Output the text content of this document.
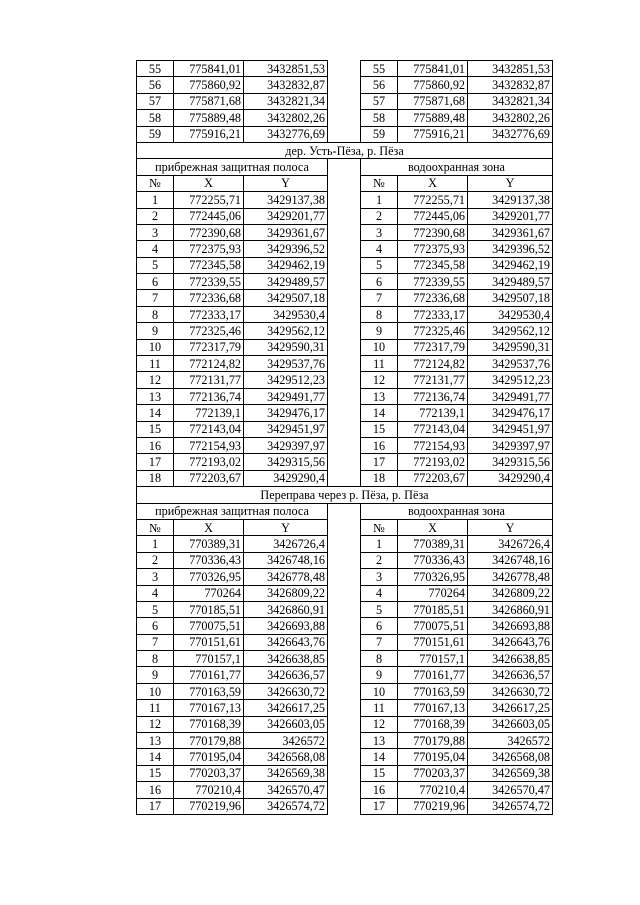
55	775841,01	3432851,53		55	775841,01	3432851,53
56	775860,92	3432832,87		56	775860,92	3432832,87
57	775871,68	3432821,34		57	775871,68	3432821,34
58	775889,48	3432802,26		58	775889,48	3432802,26
59	775916,21	3432776,69		59	775916,21	3432776,69
дер. Усть-Пёза, р. Пёза						
прибрежная защитная полоса				водоохранная зона		
№	X	Y		№	X	Y
1	772255,71	3429137,38		1	772255,71	3429137,38
2	772445,06	3429201,77		2	772445,06	3429201,77
3	772390,68	3429361,67		3	772390,68	3429361,67
4	772375,93	3429396,52		4	772375,93	3429396,52
5	772345,58	3429462,19		5	772345,58	3429462,19
6	772339,55	3429489,57		6	772339,55	3429489,57
7	772336,68	3429507,18		7	772336,68	3429507,18
8	772333,17	3429530,4		8	772333,17	3429530,4
9	772325,46	3429562,12		9	772325,46	3429562,12
10	772317,79	3429590,31		10	772317,79	3429590,31
11	772124,82	3429537,76		11	772124,82	3429537,76
12	772131,77	3429512,23		12	772131,77	3429512,23
13	772136,74	3429491,77		13	772136,74	3429491,77
14	772139,1	3429476,17		14	772139,1	3429476,17
15	772143,04	3429451,97		15	772143,04	3429451,97
16	772154,93	3429397,97		16	772154,93	3429397,97
17	772193,02	3429315,56		17	772193,02	3429315,56
18	772203,67	3429290,4		18	772203,67	3429290,4
Переправа через р. Пёза, р. Пёза						
прибрежная защитная полоса				водоохранная зона		
№	X	Y		№	X	Y
1	770389,31	3426726,4		1	770389,31	3426726,4
2	770336,43	3426748,16		2	770336,43	3426748,16
3	770326,95	3426778,48		3	770326,95	3426778,48
4	770264	3426809,22		4	770264	3426809,22
5	770185,51	3426860,91		5	770185,51	3426860,91
6	770075,51	3426693,88		6	770075,51	3426693,88
7	770151,61	3426643,76		7	770151,61	3426643,76
8	770157,1	3426638,85		8	770157,1	3426638,85
9	770161,77	3426636,57		9	770161,77	3426636,57
10	770163,59	3426630,72		10	770163,59	3426630,72
11	770167,13	3426617,25		11	770167,13	3426617,25
12	770168,39	3426603,05		12	770168,39	3426603,05
13	770179,88	3426572		13	770179,88	3426572
14	770195,04	3426568,08		14	770195,04	3426568,08
15	770203,37	3426569,38		15	770203,37	3426569,38
16	770210,4	3426570,47		16	770210,4	3426570,47
17	770219,96	3426574,72		17	770219,96	3426574,72
